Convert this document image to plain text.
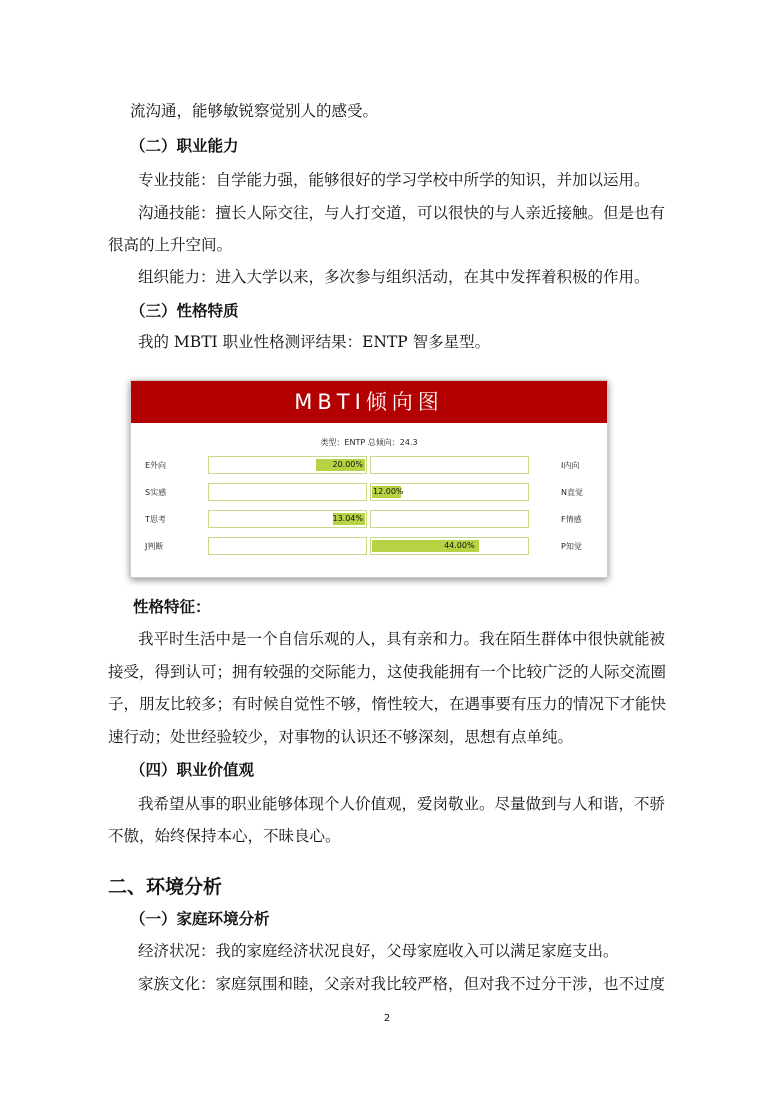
流沟通，能够敏锐察觉别人的感受。
（二）职业能力
专业技能：自学能力强，能够很好的学习学校中所学的知识，并加以运用。
沟通技能：擅长人际交往，与人打交道，可以很快的与人亲近接触。但是也有
很高的上升空间。
组织能力：进入大学以来，多次参与组织活动，在其中发挥着积极的作用。
（三）性格特质
我的 MBTI 职业性格测评结果：ENTP 智多星型。
MBTI倾向图
类型：ENTP 总倾向：24.3
E外向	I内向
20.00%
S实感	N直觉
12.00%
T思考	F情感
13.04%
J判断	P知觉
44.00%
性格特征：
我平时生活中是一个自信乐观的人，具有亲和力。我在陌生群体中很快就能被
接受，得到认可；拥有较强的交际能力，这使我能拥有一个比较广泛的人际交流圈
子，朋友比较多；有时候自觉性不够，惰性较大，在遇事要有压力的情况下才能快
速行动；处世经验较少，对事物的认识还不够深刻，思想有点单纯。
（四）职业价值观
我希望从事的职业能够体现个人价值观，爱岗敬业。尽量做到与人和谐，不骄
不傲，始终保持本心，不昧良心。
二、环境分析
（一）家庭环境分析
经济状况：我的家庭经济状况良好，父母家庭收入可以满足家庭支出。
家族文化：家庭氛围和睦，父亲对我比较严格，但对我不过分干涉，也不过度
2
